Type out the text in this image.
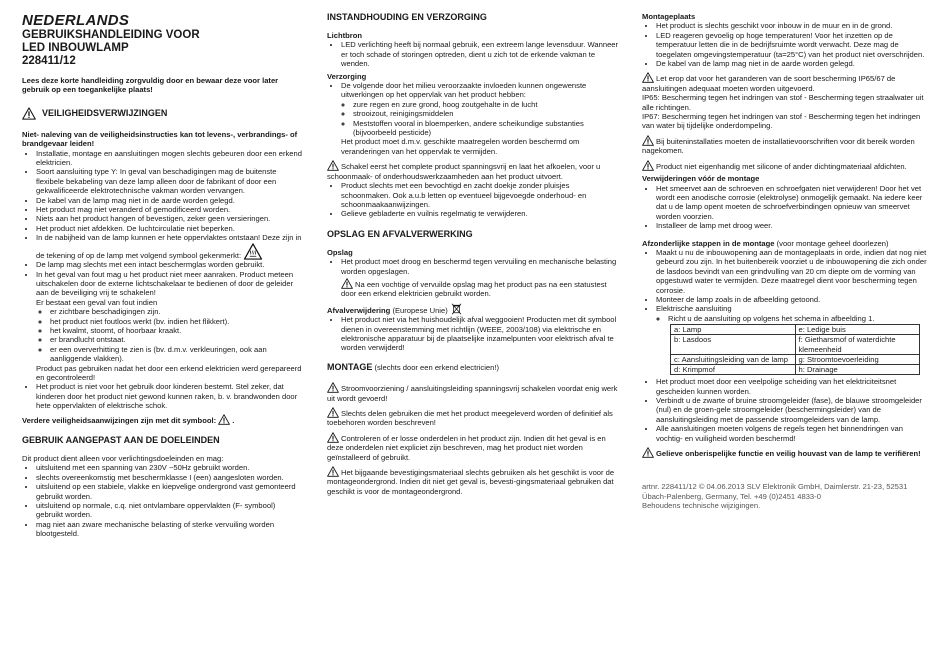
NEDERLANDS
GEBRUIKSHANDLEIDING VOOR
LED INBOUWLAMP
228411/12

Lees deze korte handleiding zorgvuldig door en bewaar deze voor later gebruik op een toegankelijke plaats!

VEILIGHEIDSVERWIJZINGEN

Niet- naleving van de veiligheidsinstructies kan tot levens-, verbrandings- of brandgevaar leiden!

• Installatie, montage en aansluitingen mogen slechts gebeuren door een erkend elektricien.
• Soort aansluiting type Y: In geval van beschadigingen mag de buitenste flexibele bekabeling van deze lamp alleen door de fabrikant of door een gekwalificeerde elektrotechnische vakman worden vervangen.
• De kabel van de lamp mag niet in de aarde worden gelegd.
• Het product mag niet veranderd of gemodificeerd worden.
• Niets aan het product hangen of bevestigen, zeker geen versieringen.
• Het product niet afdekken. De luchtcirculatie niet beperken.
• In de nabijheid van de lamp kunnen er hete oppervlaktes ontstaan! Deze zijn in de tekening of op de lamp met volgend symbool gekenmerkt:
• De lamp mag slechts met een intact beschermglas worden gebruikt.
• In het geval van fout mag u het product niet meer aanraken. Product meteen uitschakelen door de externe lichtschakelaar te bedienen of door de geleider aan de beveiliging vrij te schakelen!

Er bestaat een geval van fout indien

◦ er zichtbare beschadigingen zijn.
◦ het product niet foutloos werkt (bv. indien het flikkert).
◦ het kwalmt, stoomt, of hoorbaar kraakt.
◦ er brandlucht ontstaat.
◦ er een oververhitting te zien is (bv. d.m.v. verkleuringen, ook aan aanliggende vlakken).

Product pas gebruiken nadat het door een erkend elektricien werd gerepareerd en gecontroleerd!

• Het product is niet voor het gebruik door kinderen bestemt. Stel zeker, dat kinderen door het product niet gewond kunnen raken, b. v. brandwonden door hete oppervlakten of elektrische schok.

Verdere veiligheidsaanwijzingen zijn met dit symbool: .

GEBRUIK AANGEPAST AAN DE DOELEINDEN

Dit product dient alleen voor verlichtingsdoeleinden en mag:

• uitsluitend met een spanning van 230V ~50Hz gebruikt worden.
• slechts overeenkomstig met beschermklasse I (een) aangesloten worden.
• uitsluitend op een stabiele, vlakke en kiepvelige ondergrond vast gemonteerd gebruikt worden.
• uitsluitend op normale, c.q. niet ontvlambare oppervlakten (F- symbool) gebruikt worden.
• mag niet aan zware mechanische belasting of sterke vervuiling worden blootgesteld.
INSTANDHOUDING EN VERZORGING
Lichtbron
• LED verlichting heeft bij normaal gebruik, een extreem lange levensduur. Wanneer er toch schade of storingen optreden, dient u zich tot de erkende vakman te wenden.
Verzorging
• De volgende door het milieu veroorzaakte invloeden kunnen ongewenste uitwerkingen op het oppervlak van het product hebben:
◦ zure regen en zure grond, hoog zoutgehalte in de lucht
◦ strooizout, reinigingsmiddelen
◦ Meststoffen vooral in bloemperken, andere scheikundige substanties (bijvoorbeeld pesticide)

Het product moet d.m.v. geschikte maatregelen worden beschermd om veranderingen van het oppervlak te vermijden.

Schakel eerst het complete product spanningsvrij en laat het afkoelen, voor u schoonmaak- of onderhoudswerkzaamheden aan het product uitvoert.

• Product slechts met een bevochtigd en zacht doekje zonder pluisjes schoonmaken. Ook a.u.b letten op eventueel bijgevoegde onderhoud- en schoonmaakaanwijzingen.
• Gelieve gebladerte en vuilnis regelmatig te verwijderen.
OPSLAG EN AFVALVERWERKING
Opslag
• Het product moet droog en beschermd tegen vervuiling en mechanische belasting worden opgeslagen.

Na een vochtige of vervuilde opslag mag het product pas na een statustest door een erkend elektricien gebruikt worden.

Afvalverwijdering (Europese Unie)

• Het product niet via het huishoudelijk afval weggooien! Producten met dit symbool dienen in overeenstemming met richtlijn (WEEE, 2003/108) via elektrische en elektronische apparatuur bij de plaatselijke inzamelpunten voor elektrisch afval te worden verwijderd!

MONTAGE (slechts door een erkend electricien!)

Stroomvoorziening / aansluitingsleiding spanningsvrij schakelen voordat enig werk uit wordt gevoerd!

Slechts delen gebruiken die met het product meegeleverd worden of definitief als toebehoren worden beschreven!

Controleren of er losse onderdelen in het product zijn. Indien dit het geval is en deze onderdelen niet expliciet zijn beschreven, mag het product niet worden geïnstalleerd of gebruikt.

Het bijgaande bevestigingsmateriaal slechts gebruiken als het geschikt is voor de montageondergrond. Indien dit niet get geval is, bevesti-gingsmateriaal gebruiken dat geschikt is voor de montageondergrond.

Montageplaats
• Het product is slechts geschikt voor inbouw in de muur en in de grond.
• LED reageren gevoelig op hoge temperaturen! Voor het inzetten op de temperatuur letten die in de bedrijfsruimte wordt verwacht. Deze mag de toegelaten omgevingstemperatuur (ta=25°C) van het product niet overschrijden.
• De kabel van de lamp mag niet in de aarde worden gelegd.

Let erop dat voor het garanderen van de soort bescherming IP65/67 de aansluitingen adequaat moeten worden uitgevoerd.

IP65: Bescherming tegen het indringen van stof - Bescherming tegen straalwater uit alle richtingen.

IP67: Bescherming tegen het indringen van stof - Bescherming tegen het indringen van water bij tijdelijke onderdompeling.

Bij buiteninstallaties moeten de installatievoorschriften voor dit bereik worden nagekomen.

Product niet eigenhandig met silicone of ander dichtingmateriaal afdichten.

Verwijderingen vóór de montage
• Het smeervet aan de schroeven en schroefgaten niet verwijderen! Door het vet wordt een anodische corrosie (elektrolyse) onmogelijk gemaakt. Na iedere keer dat u de lamp opent moeten de schroefverbindingen opnieuw van smeervet worden voorzien.
• Installeer de lamp met droog weer.

Afzonderlijke stappen in de montage (voor montage geheel doorlezen)

• Maakt u nu de inbouwopening aan de montageplaats in orde, indien dat nog niet gebeurd zou zijn. In het buitenbereik voorziet u de inbouwopening die zich onder de lasdoos bevindt van een grindvulling van 20 cm diepte om de vorming van opgestuwd water te vermijden. Deze maatregel dient voor bescherming tegen corrosie.
• Monteer de lamp zoals in de afbeelding getoond.
• Elektrische aansluiting
◦ Richt u de aansluiting op volgens het schema in afbeelding 1.
a: Lamp	e: Ledige buis
b: Lasdoos	f: Gietharsmof of waterdichte klemeenheid
c: Aansluitingsleiding van de lamp	g: Stroomtoevoerleiding
d: Krimpmof	h: Drainage
• Het product moet door een veelpolige scheiding van het elektriciteitsnet gescheiden kunnen worden.
• Verbindt u de zwarte of bruine stroomgeleider (fase), de blauwe stroomgeleider (nul) en de groen-gele stroomgeleider (beschermingsleider) van de aansluitingsleiding met de passende stroomgeleiders van de lamp.
• Alle aansluitingen moeten volgens de regels tegen het binnendringen van vochtig- en vuiligheid worden beschermd!

Gelieve onberispelijke functie en veilig houvast van de lamp te verifiëren!

artnr. 228411/12 © 04.06.2013 SLV Elektronik GmbH, Daimlerstr. 21-23, 52531 Übach-Palenberg, Germany, Tel. +49 (0)2451 4833-0

Behoudens technische wijzigingen.
